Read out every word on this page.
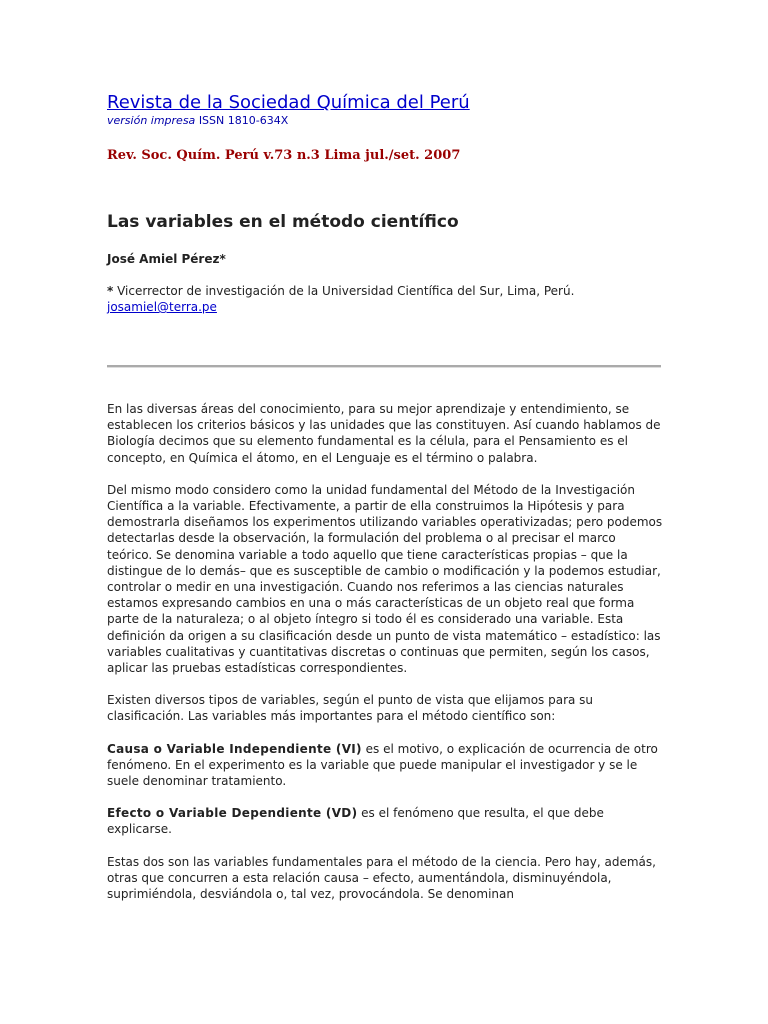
Revista de la Sociedad Química del Perú
versión impresa ISSN 1810-634X
Rev. Soc. Quím. Perú v.73 n.3 Lima jul./set. 2007
Las variables en el método científico
José Amiel Pérez*
* Vicerrector de investigación de la Universidad Científica del Sur, Lima, Perú. josamiel@terra.pe

En las diversas áreas del conocimiento, para su mejor aprendizaje y entendimiento, se establecen los criterios básicos y las unidades que las constituyen. Así cuando hablamos de Biología decimos que su elemento fundamental es la célula, para el Pensamiento es el concepto, en Química el átomo, en el Lenguaje es el término o palabra.

Del mismo modo considero como la unidad fundamental del Método de la Investigación Científica a la variable. Efectivamente, a partir de ella construimos la Hipótesis y para demostrarla diseñamos los experimentos utilizando variables operativizadas; pero podemos detectarlas desde la observación, la formulación del problema o al precisar el marco teórico. Se denomina variable a todo aquello que tiene características propias – que la distingue de lo demás– que es susceptible de cambio o modificación y la podemos estudiar, controlar o medir en una investigación. Cuando nos referimos a las ciencias naturales estamos expresando cambios en una o más características de un objeto real que forma parte de la naturaleza; o al objeto íntegro si todo él es considerado una variable. Esta definición da origen a su clasificación desde un punto de vista matemático – estadístico: las variables cualitativas y cuantitativas discretas o continuas que permiten, según los casos, aplicar las pruebas estadísticas correspondientes.

Existen diversos tipos de variables, según el punto de vista que elijamos para su clasificación. Las variables más importantes para el método científico son:

Causa o Variable Independiente (VI) es el motivo, o explicación de ocurrencia de otro fenómeno. En el experimento es la variable que puede manipular el investigador y se le suele denominar tratamiento.

Efecto o Variable Dependiente (VD) es el fenómeno que resulta, el que debe explicarse.

Estas dos son las variables fundamentales para el método de la ciencia. Pero hay, además, otras que concurren a esta relación causa – efecto, aumentándola, disminuyéndola, suprimiéndola, desviándola o, tal vez, provocándola. Se denominan
